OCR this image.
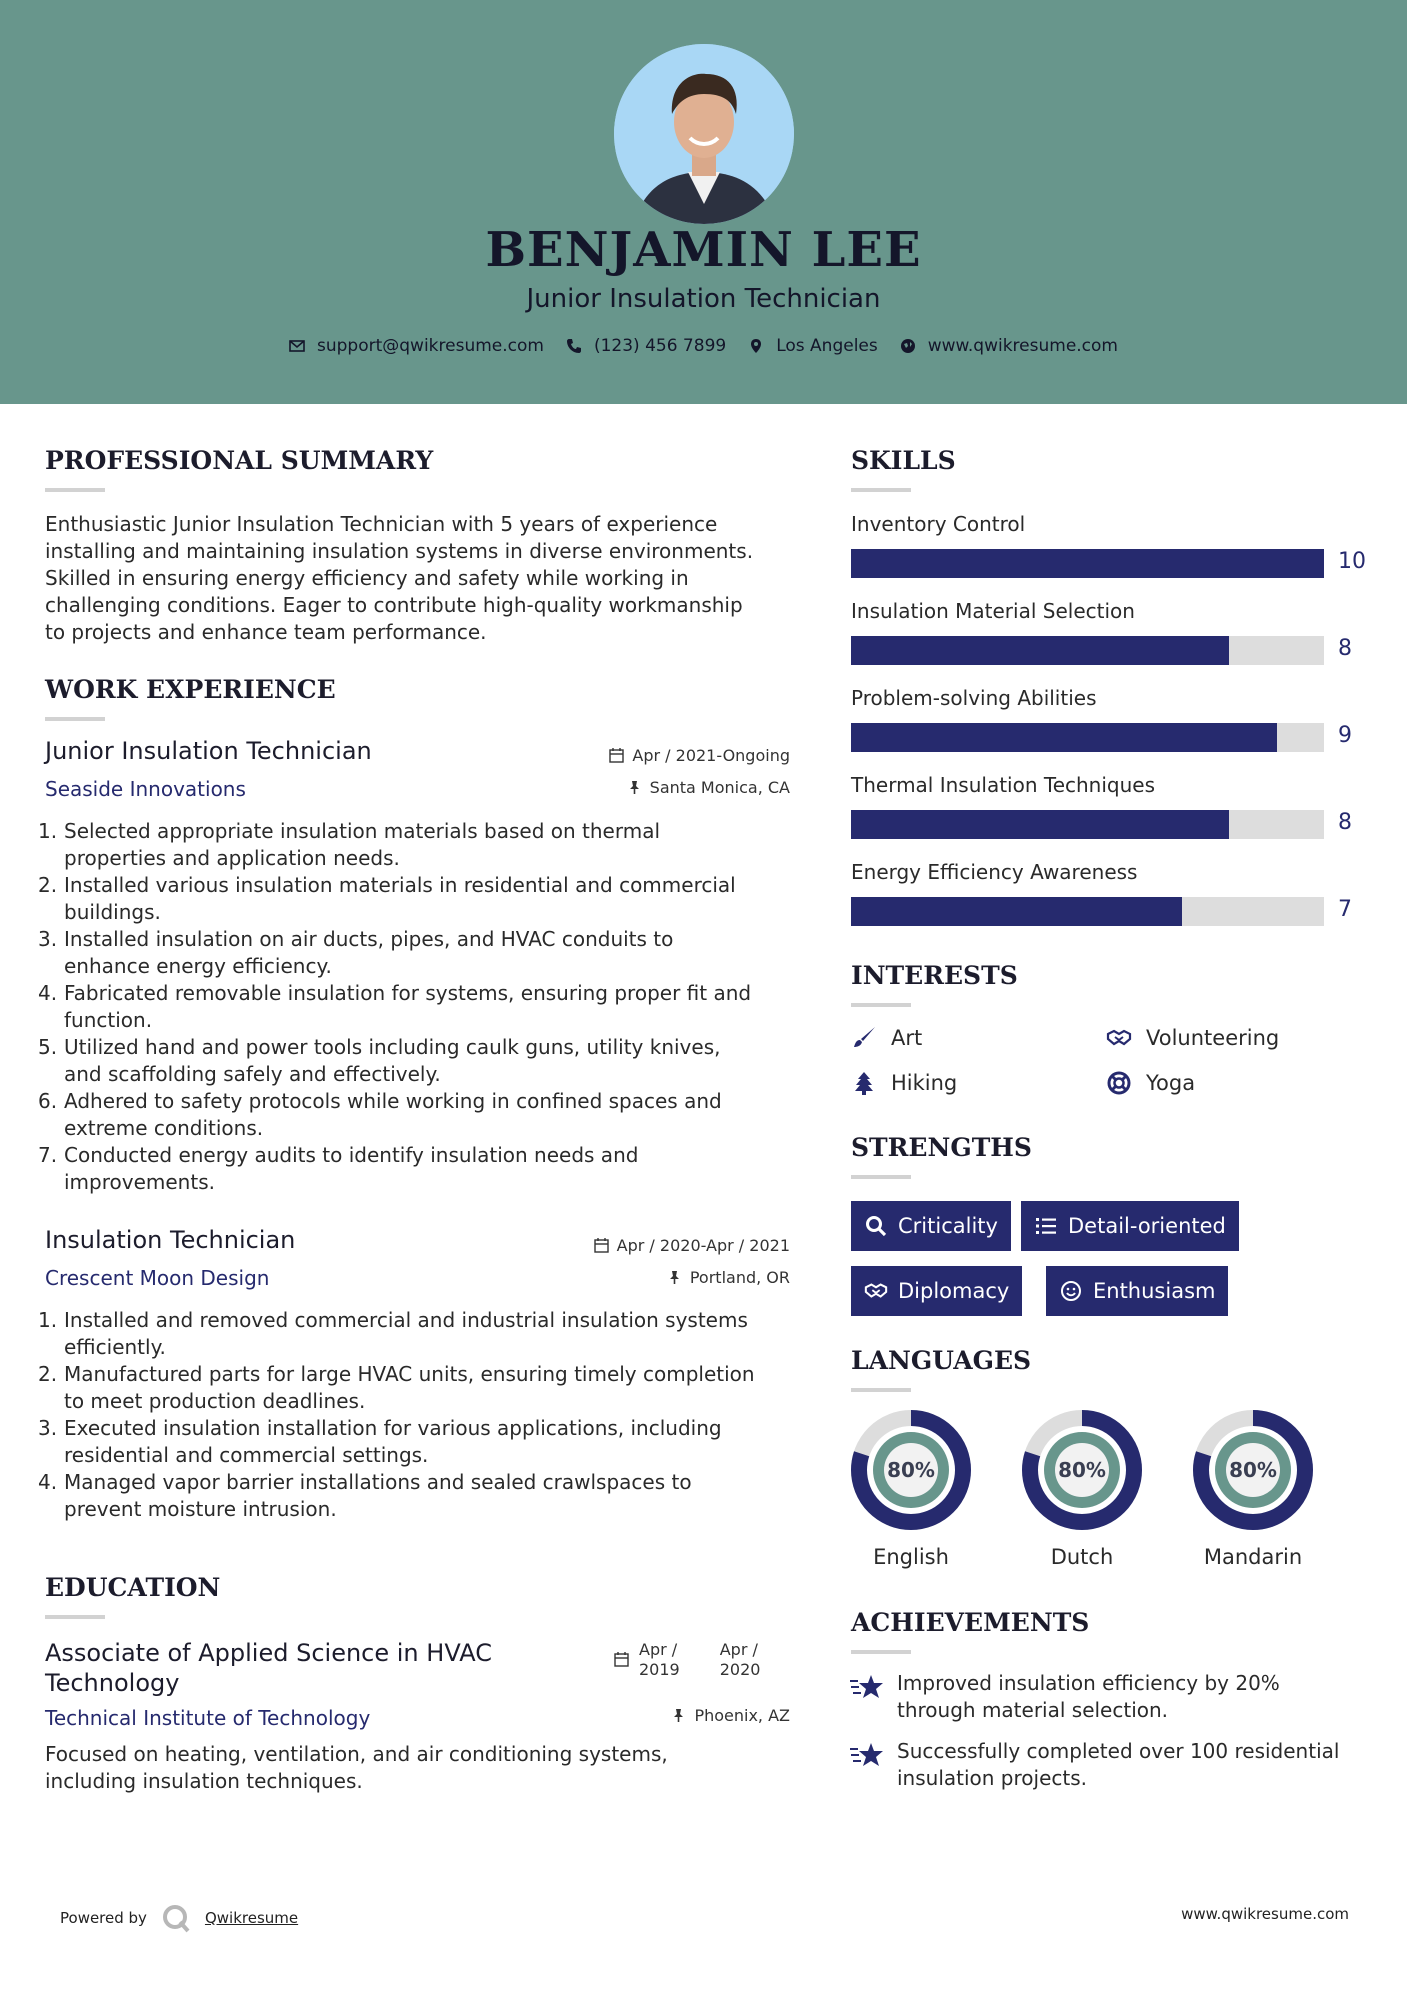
BENJAMIN LEE
Junior Insulation Technician
support@qwikresume.com	(123) 456 7899	Los Angeles	www.qwikresume.com
PROFESSIONAL SUMMARY
Enthusiastic Junior Insulation Technician with 5 years of experience
installing and maintaining insulation systems in diverse environments.
Skilled in ensuring energy efficiency and safety while working in
challenging conditions. Eager to contribute high-quality workmanship
to projects and enhance team performance.
WORK EXPERIENCE
Junior Insulation Technician	Apr / 2021-Ongoing
Seaside Innovations	Santa Monica, CA
1. Selected appropriate insulation materials based on thermal
properties and application needs.
2. Installed various insulation materials in residential and commercial
buildings.
3. Installed insulation on air ducts, pipes, and HVAC conduits to
enhance energy efficiency.
4. Fabricated removable insulation for systems, ensuring proper fit and
function.
5. Utilized hand and power tools including caulk guns, utility knives,
and scaffolding safely and effectively.
6. Adhered to safety protocols while working in confined spaces and
extreme conditions.
7. Conducted energy audits to identify insulation needs and
improvements.
Insulation Technician	Apr / 2020-Apr / 2021
Crescent Moon Design	Portland, OR
1. Installed and removed commercial and industrial insulation systems
efficiently.
2. Manufactured parts for large HVAC units, ensuring timely completion
to meet production deadlines.
3. Executed insulation installation for various applications, including
residential and commercial settings.
4. Managed vapor barrier installations and sealed crawlspaces to
prevent moisture intrusion.
EDUCATION
Associate of Applied Science in HVAC
Technology
Apr /
2019
Apr /
2020
Technical Institute of Technology	Phoenix, AZ
Focused on heating, ventilation, and air conditioning systems,
including insulation techniques.
SKILLS
Inventory Control
10
Insulation Material Selection
8
Problem-solving Abilities
9
Thermal Insulation Techniques
8
Energy Efficiency Awareness
7
INTERESTS
Art	Volunteering
Hiking	Yoga
STRENGTHS
Criticality	Detail-oriented
Diplomacy	Enthusiasm
LANGUAGES
80%
English
80%
Dutch
80%
Mandarin
ACHIEVEMENTS
Improved insulation efficiency by 20%
through material selection.
Successfully completed over 100 residential
insulation projects.
Powered by	Qwikresume	www.qwikresume.com
